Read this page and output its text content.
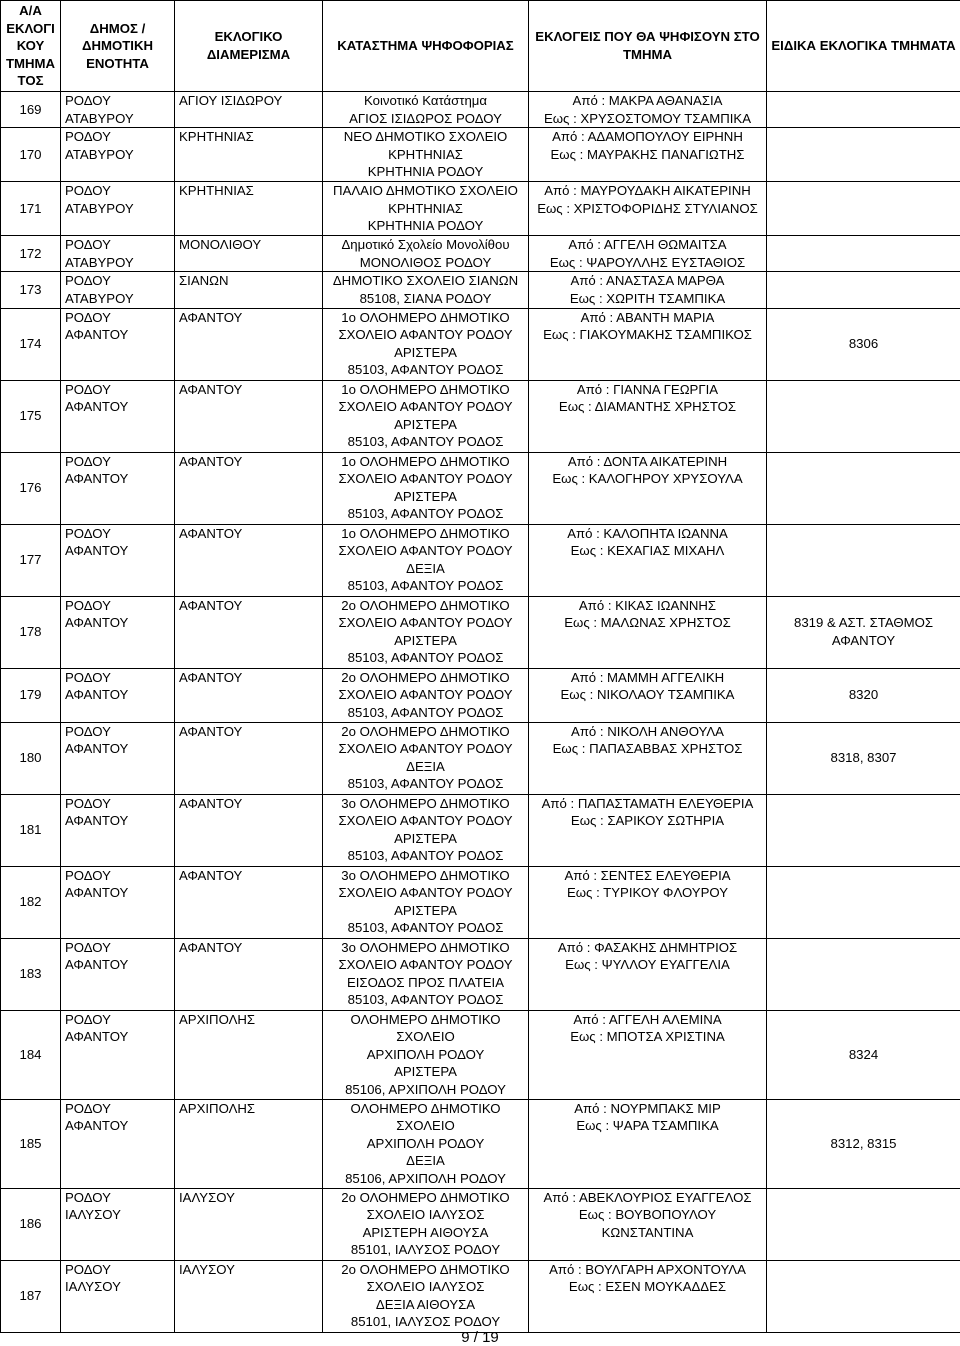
Α/Α
ΕΚΛΟΓΙ
ΚΟΥ
ΤΜΗΜΑ
ΤΟΣ	ΔΗΜΟΣ /
ΔΗΜΟΤΙΚΗ
ΕΝΟΤΗΤΑ	ΕΚΛΟΓΙΚΟ
ΔΙΑΜΕΡΙΣΜΑ	ΚΑΤΑΣΤΗΜΑ ΨΗΦΟΦΟΡΙΑΣ	ΕΚΛΟΓΕΙΣ ΠΟΥ ΘΑ ΨΗΦΙΣΟΥΝ ΣΤΟ
ΤΜΗΜΑ	ΕΙΔΙΚΑ ΕΚΛΟΓΙΚΑ ΤΜΗΜΑΤΑ

169	ΡΟΔΟΥ
ΑΤΑΒΥΡΟΥ	ΑΓΙΟΥ ΙΣΙΔΩΡΟΥ	Κοινοτικό Κατάστημα
ΑΓΙΟΣ ΙΣΙΔΩΡΟΣ ΡΟΔΟΥ	Από : ΜΑΚΡΑ ΑΘΑΝΑΣΙΑ
Εως : ΧΡΥΣΟΣΤΟΜΟΥ ΤΣΑΜΠΙΚΑ	

170	ΡΟΔΟΥ
ΑΤΑΒΥΡΟΥ	ΚΡΗΤΗΝΙΑΣ	ΝΕΟ ΔΗΜΟΤΙΚΟ ΣΧΟΛΕΙΟ
ΚΡΗΤΗΝΙΑΣ
ΚΡΗΤΗΝΙΑ ΡΟΔΟΥ	Από : ΑΔΑΜΟΠΟΥΛΟΥ ΕΙΡΗΝΗ
Εως : ΜΑΥΡΑΚΗΣ ΠΑΝΑΓΙΩΤΗΣ	

171	ΡΟΔΟΥ
ΑΤΑΒΥΡΟΥ	ΚΡΗΤΗΝΙΑΣ	ΠΑΛΑΙΟ ΔΗΜΟΤΙΚΟ ΣΧΟΛΕΙΟ
ΚΡΗΤΗΝΙΑΣ
ΚΡΗΤΗΝΙΑ ΡΟΔΟΥ	Από : ΜΑΥΡΟΥΔΑΚΗ ΑΙΚΑΤΕΡΙΝΗ
Εως : ΧΡΙΣΤΟΦΟΡΙΔΗΣ ΣΤΥΛΙΑΝΟΣ	

172	ΡΟΔΟΥ
ΑΤΑΒΥΡΟΥ	ΜΟΝΟΛΙΘΟΥ	Δημοτικό Σχολείο Μονολίθου
ΜΟΝΟΛΙΘΟΣ ΡΟΔΟΥ	Από : ΑΓΓΕΛΗ ΘΩΜΑΙΤΣΑ
Εως : ΨΑΡΟΥΛΛΗΣ ΕΥΣΤΑΘΙΟΣ	

173	ΡΟΔΟΥ
ΑΤΑΒΥΡΟΥ	ΣΙΑΝΩΝ	ΔΗΜΟΤΙΚΟ ΣΧΟΛΕΙΟ ΣΙΑΝΩΝ
85108, ΣΙΑΝΑ ΡΟΔΟΥ	Από : ΑΝΑΣΤΑΣΑ ΜΑΡΘΑ
Εως : ΧΩΡΙΤΗ ΤΣΑΜΠΙΚΑ	

174	ΡΟΔΟΥ
ΑΦΑΝΤΟΥ	ΑΦΑΝΤΟΥ	1ο ΟΛΟΗΜΕΡΟ ΔΗΜΟΤΙΚΟ
ΣΧΟΛΕΙΟ ΑΦΑΝΤΟΥ ΡΟΔΟΥ
ΑΡΙΣΤΕΡΑ
85103, ΑΦΑΝΤΟΥ ΡΟΔΟΣ	Από : ΑΒΑΝΤΗ ΜΑΡΙΑ
Εως : ΓΙΑΚΟΥΜΑΚΗΣ ΤΣΑΜΠΙΚΟΣ	8306

175	ΡΟΔΟΥ
ΑΦΑΝΤΟΥ	ΑΦΑΝΤΟΥ	1ο ΟΛΟΗΜΕΡΟ ΔΗΜΟΤΙΚΟ
ΣΧΟΛΕΙΟ ΑΦΑΝΤΟΥ ΡΟΔΟΥ
ΑΡΙΣΤΕΡΑ
85103, ΑΦΑΝΤΟΥ ΡΟΔΟΣ	Από : ΓΙΑΝΝΑ ΓΕΩΡΓΙΑ
Εως : ΔΙΑΜΑΝΤΗΣ ΧΡΗΣΤΟΣ	

176	ΡΟΔΟΥ
ΑΦΑΝΤΟΥ	ΑΦΑΝΤΟΥ	1ο ΟΛΟΗΜΕΡΟ ΔΗΜΟΤΙΚΟ
ΣΧΟΛΕΙΟ ΑΦΑΝΤΟΥ ΡΟΔΟΥ
ΑΡΙΣΤΕΡΑ
85103, ΑΦΑΝΤΟΥ ΡΟΔΟΣ	Από : ΔΟΝΤΑ ΑΙΚΑΤΕΡΙΝΗ
Εως : ΚΑΛΟΓΗΡΟΥ ΧΡΥΣΟΥΛΑ	

177	ΡΟΔΟΥ
ΑΦΑΝΤΟΥ	ΑΦΑΝΤΟΥ	1ο ΟΛΟΗΜΕΡΟ ΔΗΜΟΤΙΚΟ
ΣΧΟΛΕΙΟ ΑΦΑΝΤΟΥ ΡΟΔΟΥ
ΔΕΞΙΑ
85103, ΑΦΑΝΤΟΥ ΡΟΔΟΣ	Από : ΚΑΛΟΠΗΤΑ ΙΩΑΝΝΑ
Εως : ΚΕΧΑΓΙΑΣ ΜΙΧΑΗΛ	

178	ΡΟΔΟΥ
ΑΦΑΝΤΟΥ	ΑΦΑΝΤΟΥ	2ο ΟΛΟΗΜΕΡΟ ΔΗΜΟΤΙΚΟ
ΣΧΟΛΕΙΟ ΑΦΑΝΤΟΥ ΡΟΔΟΥ
ΑΡΙΣΤΕΡΑ
85103, ΑΦΑΝΤΟΥ ΡΟΔΟΣ	Από : ΚΙΚΑΣ ΙΩΑΝΝΗΣ
Εως : ΜΑΛΩΝΑΣ ΧΡΗΣΤΟΣ	8319 & ΑΣΤ. ΣΤΑΘΜΟΣ
ΑΦΑΝΤΟΥ

179	ΡΟΔΟΥ
ΑΦΑΝΤΟΥ	ΑΦΑΝΤΟΥ	2ο ΟΛΟΗΜΕΡΟ ΔΗΜΟΤΙΚΟ
ΣΧΟΛΕΙΟ ΑΦΑΝΤΟΥ ΡΟΔΟΥ
85103, ΑΦΑΝΤΟΥ ΡΟΔΟΣ	Από : ΜΑΜΜΗ ΑΓΓΕΛΙΚΗ
Εως : ΝΙΚΟΛΑΟΥ ΤΣΑΜΠΙΚΑ	8320

180	ΡΟΔΟΥ
ΑΦΑΝΤΟΥ	ΑΦΑΝΤΟΥ	2ο ΟΛΟΗΜΕΡΟ ΔΗΜΟΤΙΚΟ
ΣΧΟΛΕΙΟ ΑΦΑΝΤΟΥ ΡΟΔΟΥ
ΔΕΞΙΑ
85103, ΑΦΑΝΤΟΥ ΡΟΔΟΣ	Από : ΝΙΚΟΛΗ ΑΝΘΟΥΛΑ
Εως : ΠΑΠΑΣΑΒΒΑΣ ΧΡΗΣΤΟΣ	8318, 8307

181	ΡΟΔΟΥ
ΑΦΑΝΤΟΥ	ΑΦΑΝΤΟΥ	3ο ΟΛΟΗΜΕΡΟ ΔΗΜΟΤΙΚΟ
ΣΧΟΛΕΙΟ ΑΦΑΝΤΟΥ ΡΟΔΟΥ
ΑΡΙΣΤΕΡΑ
85103, ΑΦΑΝΤΟΥ ΡΟΔΟΣ	Από : ΠΑΠΑΣΤΑΜΑΤΗ ΕΛΕΥΘΕΡΙΑ
Εως : ΣΑΡΙΚΟΥ ΣΩΤΗΡΙΑ	

182	ΡΟΔΟΥ
ΑΦΑΝΤΟΥ	ΑΦΑΝΤΟΥ	3ο ΟΛΟΗΜΕΡΟ ΔΗΜΟΤΙΚΟ
ΣΧΟΛΕΙΟ ΑΦΑΝΤΟΥ ΡΟΔΟΥ
ΑΡΙΣΤΕΡΑ
85103, ΑΦΑΝΤΟΥ ΡΟΔΟΣ	Από : ΣΕΝΤΕΣ ΕΛΕΥΘΕΡΙΑ
Εως : ΤΥΡΙΚΟΥ ΦΛΟΥΡΟΥ	

183	ΡΟΔΟΥ
ΑΦΑΝΤΟΥ	ΑΦΑΝΤΟΥ	3ο ΟΛΟΗΜΕΡΟ ΔΗΜΟΤΙΚΟ
ΣΧΟΛΕΙΟ ΑΦΑΝΤΟΥ ΡΟΔΟΥ
ΕΙΣΟΔΟΣ ΠΡΟΣ ΠΛΑΤΕΙΑ
85103, ΑΦΑΝΤΟΥ ΡΟΔΟΣ	Από : ΦΑΣΑΚΗΣ ΔΗΜΗΤΡΙΟΣ
Εως : ΨΥΛΛΟΥ ΕΥΑΓΓΕΛΙΑ	

184	ΡΟΔΟΥ
ΑΦΑΝΤΟΥ	ΑΡΧΙΠΟΛΗΣ	ΟΛΟΗΜΕΡΟ ΔΗΜΟΤΙΚΟ ΣΧΟΛΕΙΟ
ΑΡΧΙΠΟΛΗ ΡΟΔΟΥ
ΑΡΙΣΤΕΡΑ
85106, ΑΡΧΙΠΟΛΗ ΡΟΔΟΥ	Από : ΑΓΓΕΛΗ ΑΛΕΜΙΝΑ
Εως : ΜΠΟΤΣΑ ΧΡΙΣΤΙΝΑ	8324

185	ΡΟΔΟΥ
ΑΦΑΝΤΟΥ	ΑΡΧΙΠΟΛΗΣ	ΟΛΟΗΜΕΡΟ ΔΗΜΟΤΙΚΟ ΣΧΟΛΕΙΟ
ΑΡΧΙΠΟΛΗ ΡΟΔΟΥ
ΔΕΞΙΑ
85106, ΑΡΧΙΠΟΛΗ ΡΟΔΟΥ	Από : ΝΟΥΡΜΠΑΚΣ ΜΙΡ
Εως : ΨΑΡΑ ΤΣΑΜΠΙΚΑ	8312, 8315

186	ΡΟΔΟΥ
ΙΑΛΥΣΟΥ	ΙΑΛΥΣΟΥ	2ο ΟΛΟΗΜΕΡΟ ΔΗΜΟΤΙΚΟ
ΣΧΟΛΕΙΟ ΙΑΛΥΣΟΣ
ΑΡΙΣΤΕΡΗ ΑΙΘΟΥΣΑ
85101, ΙΑΛΥΣΟΣ ΡΟΔΟΥ	Από : ΑΒΕΚΛΟΥΡΙΟΣ ΕΥΑΓΓΕΛΟΣ
Εως : ΒΟΥΒΟΠΟΥΛΟΥ
ΚΩΝΣΤΑΝΤΙΝΑ	

187	ΡΟΔΟΥ
ΙΑΛΥΣΟΥ	ΙΑΛΥΣΟΥ	2ο ΟΛΟΗΜΕΡΟ ΔΗΜΟΤΙΚΟ
ΣΧΟΛΕΙΟ ΙΑΛΥΣΟΣ
ΔΕΞΙΑ ΑΙΘΟΥΣΑ
85101, ΙΑΛΥΣΟΣ ΡΟΔΟΥ	Από : ΒΟΥΛΓΑΡΗ ΑΡΧΟΝΤΟΥΛΑ
Εως : ΕΣΕΝ ΜΟΥΚΑΔΔΕΣ	

9 / 19
